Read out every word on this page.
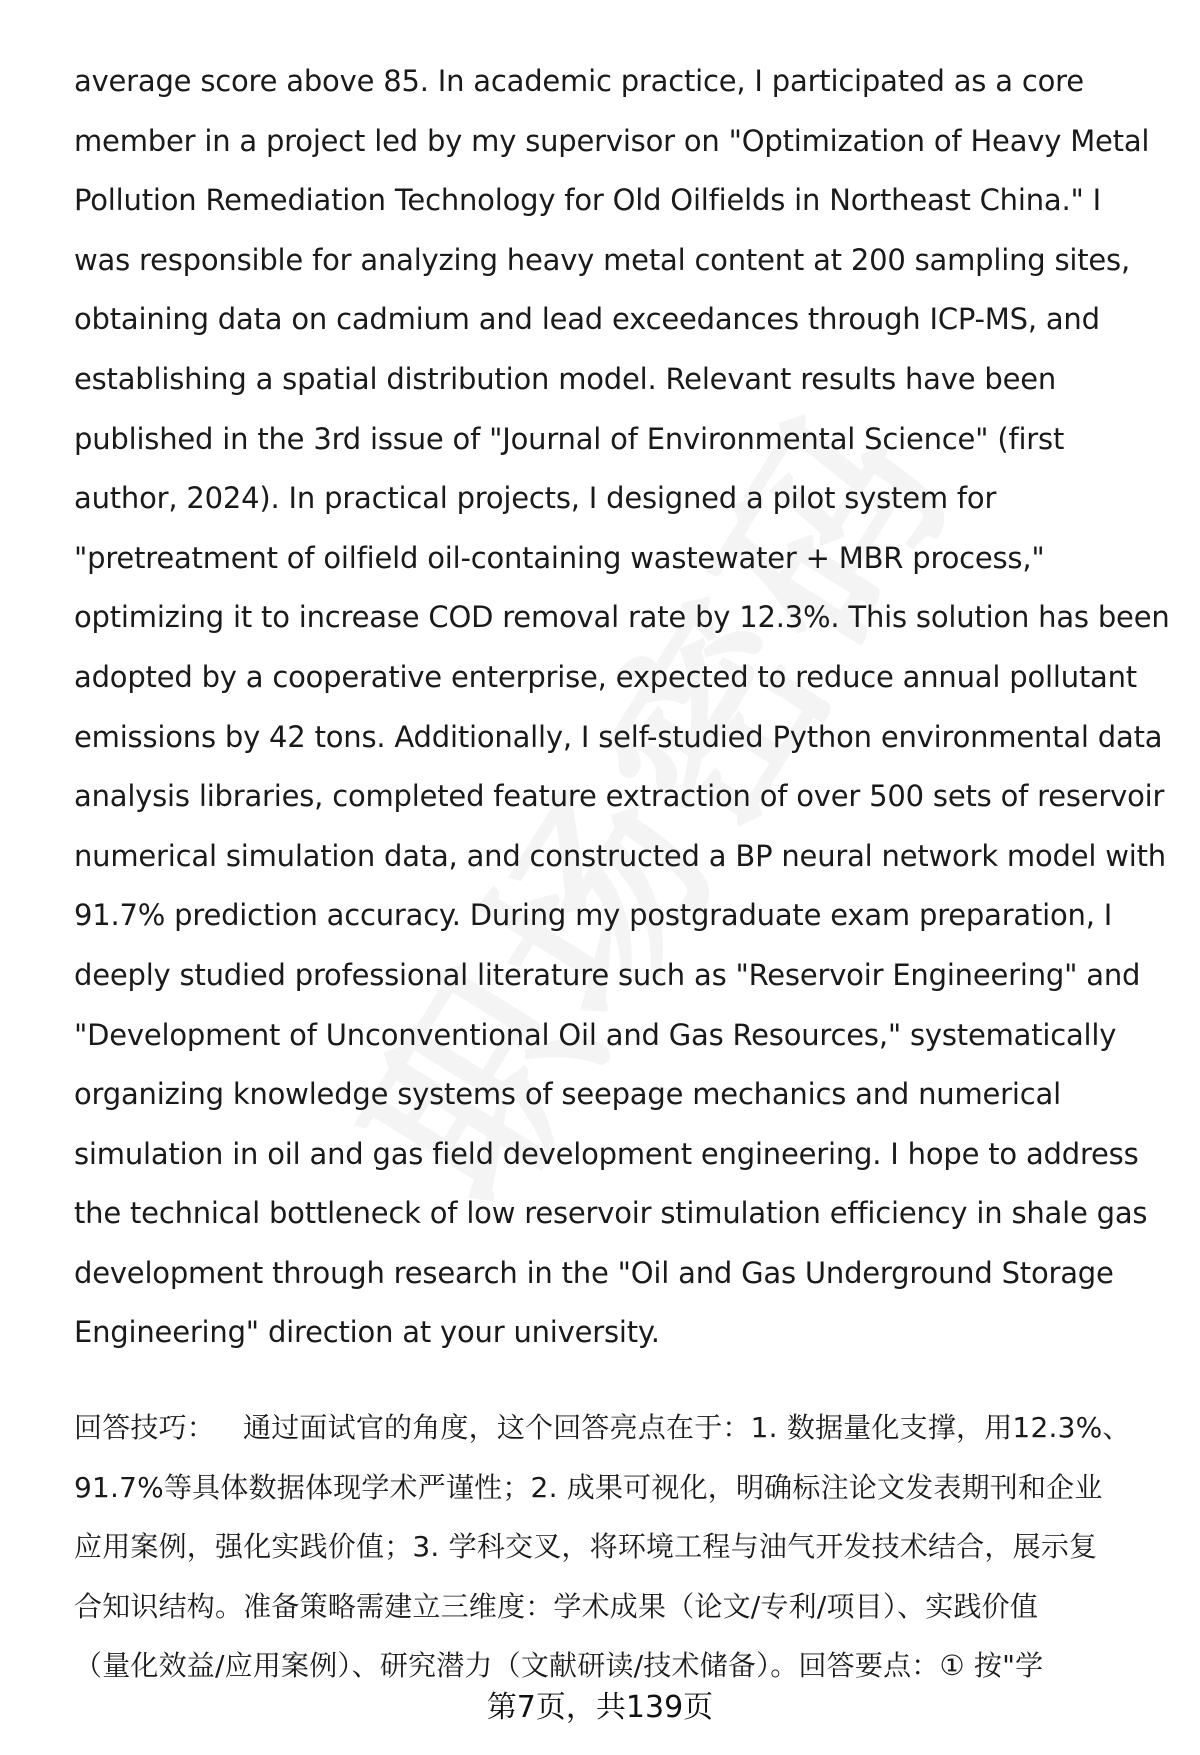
average score above 85. In academic practice, I participated as a core
member in a project led by my supervisor on "Optimization of Heavy Metal
Pollution Remediation Technology for Old Oilfields in Northeast China." I
was responsible for analyzing heavy metal content at 200 sampling sites,
obtaining data on cadmium and lead exceedances through ICP-MS, and
establishing a spatial distribution model. Relevant results have been
published in the 3rd issue of "Journal of Environmental Science" (first
author, 2024). In practical projects, I designed a pilot system for
"pretreatment of oilfield oil-containing wastewater + MBR process,"
optimizing it to increase COD removal rate by 12.3%. This solution has been
adopted by a cooperative enterprise, expected to reduce annual pollutant
emissions by 42 tons. Additionally, I self-studied Python environmental data
analysis libraries, completed feature extraction of over 500 sets of reservoir
numerical simulation data, and constructed a BP neural network model with
91.7% prediction accuracy. During my postgraduate exam preparation, I
deeply studied professional literature such as "Reservoir Engineering" and
"Development of Unconventional Oil and Gas Resources," systematically
organizing knowledge systems of seepage mechanics and numerical
simulation in oil and gas field development engineering. I hope to address
the technical bottleneck of low reservoir stimulation efficiency in shale gas
development through research in the "Oil and Gas Underground Storage
Engineering" direction at your university.
回答技巧： 通过面试官的角度，这个回答亮点在于：1. 数据量化支撑，用12.3%、
91.7%等具体数据体现学术严谨性；2. 成果可视化，明确标注论文发表期刊和企业
应用案例，强化实践价值；3. 学科交叉，将环境工程与油气开发技术结合，展示复
合知识结构。准备策略需建立三维度：学术成果（论文/专利/项目）、实践价值
（量化效益/应用案例）、研究潜力（文献研读/技术储备）。回答要点：① 按"学
第7页，共139页
